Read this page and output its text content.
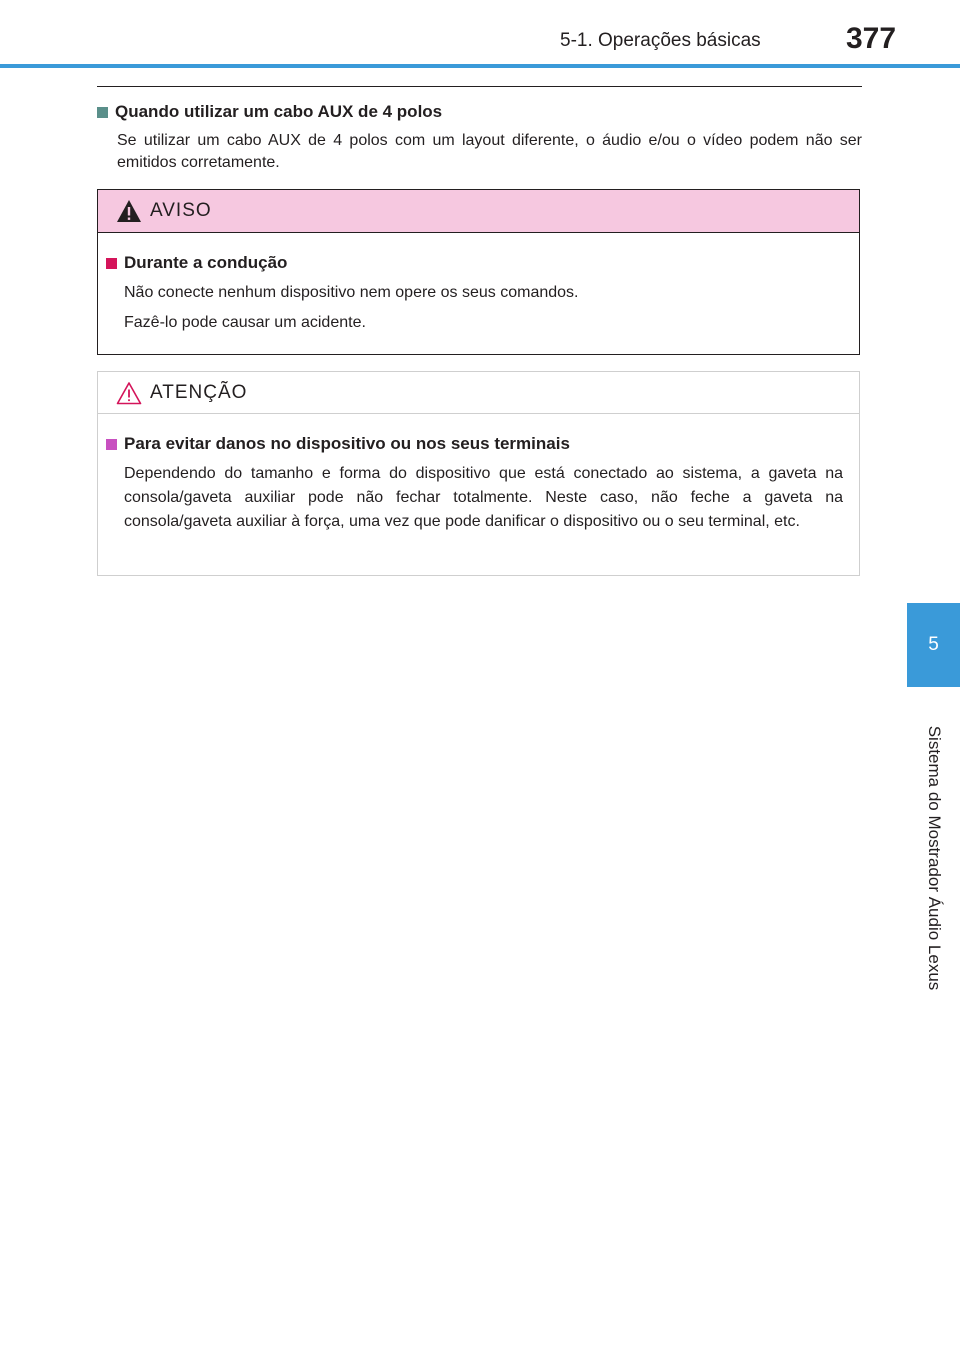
5-1. Operações básicas	377
5
Sistema do Mostrador Áudio Lexus
Quando utilizar um cabo AUX de 4 polos
Se utilizar um cabo AUX de 4 polos com um layout diferente, o áudio e/ou o vídeo podem não ser emitidos corretamente.
AVISO
Durante a condução
Não conecte nenhum dispositivo nem opere os seus comandos.
Fazê-lo pode causar um acidente.
ATENÇÃO
Para evitar danos no dispositivo ou nos seus terminais
Dependendo do tamanho e forma do dispositivo que está conectado ao sistema, a gaveta na consola/gaveta auxiliar pode não fechar totalmente. Neste caso, não feche a gaveta na consola/gaveta auxiliar à força, uma vez que pode danificar o dispositivo ou o seu terminal, etc.
